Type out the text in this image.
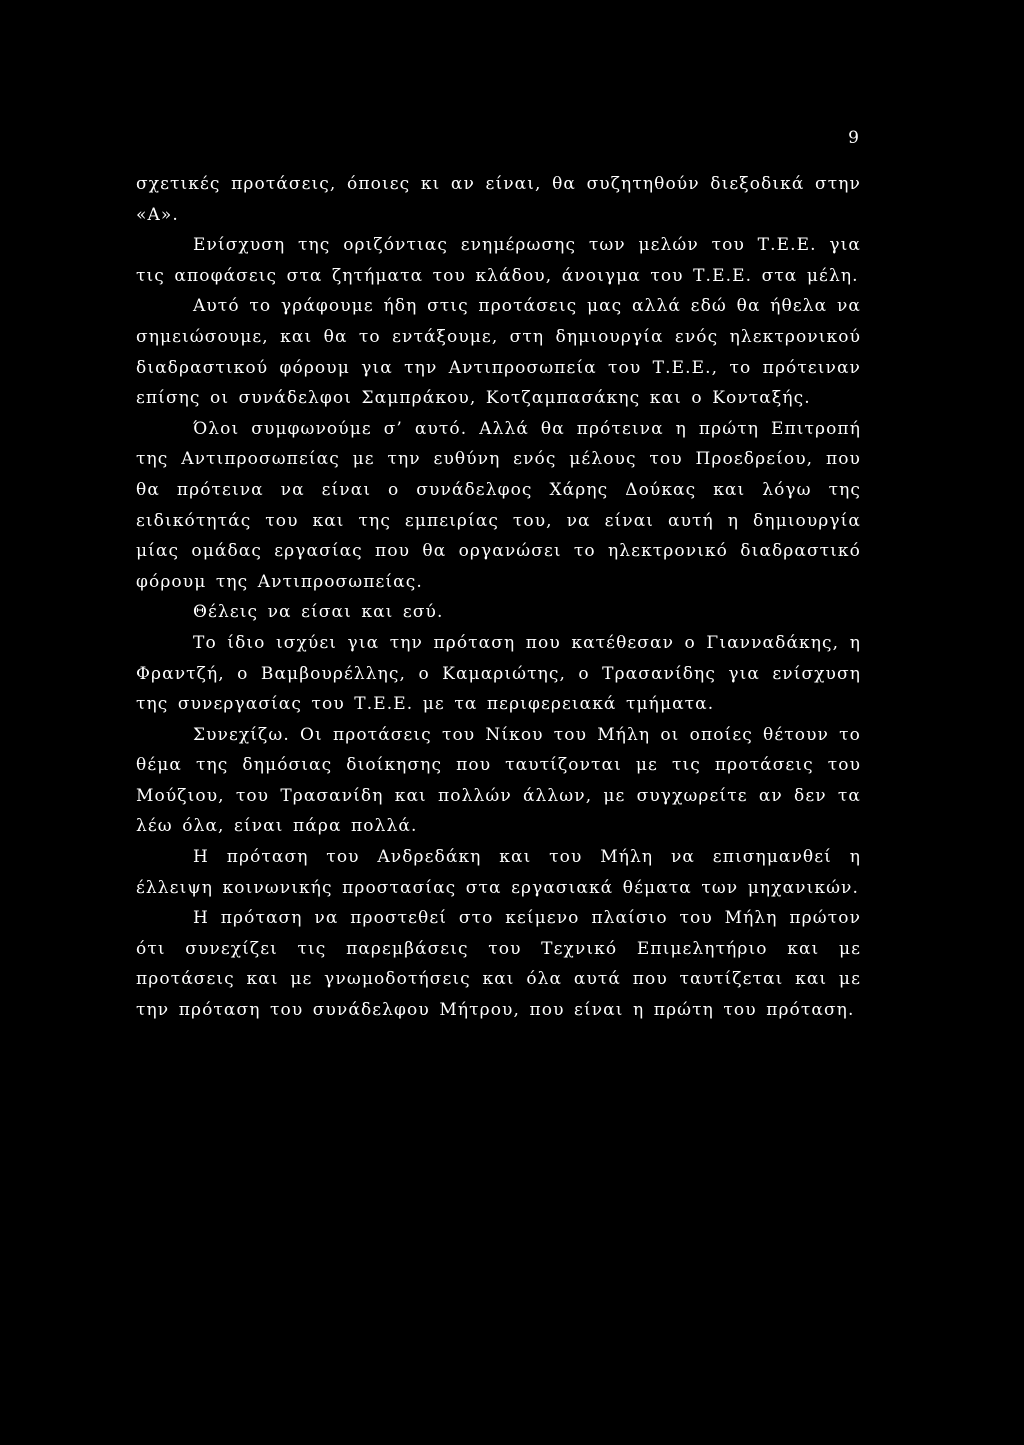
9

σχετικές προτάσεις, όποιες κι αν είναι, θα συζητηθούν διεξοδικά στην «Α».

Ενίσχυση της οριζόντιας ενημέρωσης των μελών του Τ.Ε.Ε. για τις αποφάσεις στα ζητήματα του κλάδου, άνοιγμα του Τ.Ε.Ε. στα μέλη.

Αυτό το γράφουμε ήδη στις προτάσεις μας αλλά εδώ θα ήθελα να σημειώσουμε, και θα το εντάξουμε, στη δημιουργία ενός ηλεκτρονικού διαδραστικού φόρουμ για την Αντιπροσωπεία του Τ.Ε.Ε., το πρότειναν επίσης οι συνάδελφοι Σαμπράκου, Κοτζαμπασάκης και ο Κονταξής.

Όλοι συμφωνούμε σ’ αυτό. Αλλά θα πρότεινα η πρώτη Επιτροπή της Αντιπροσωπείας με την ευθύνη ενός μέλους του Προεδρείου, που θα πρότεινα να είναι ο συνάδελφος Χάρης Δούκας και λόγω της ειδικότητάς του και της εμπειρίας του, να είναι αυτή η δημιουργία μίας ομάδας εργασίας που θα οργανώσει το ηλεκτρονικό διαδραστικό φόρουμ της Αντιπροσωπείας.

Θέλεις να είσαι και εσύ.

Το ίδιο ισχύει για την πρόταση που κατέθεσαν ο Γιανναδάκης, η Φραντζή, ο Βαμβουρέλλης, ο Καμαριώτης, ο Τρασανίδης για ενίσχυση της συνεργασίας του Τ.Ε.Ε. με τα περιφερειακά τμήματα.

Συνεχίζω. Οι προτάσεις του Νίκου του Μήλη οι οποίες θέτουν το θέμα της δημόσιας διοίκησης που ταυτίζονται με τις προτάσεις του Μούζιου, του Τρασανίδη και πολλών άλλων, με συγχωρείτε αν δεν τα λέω όλα, είναι πάρα πολλά.

Η πρόταση του Ανδρεδάκη και του Μήλη να επισημανθεί η έλλειψη κοινωνικής προστασίας στα εργασιακά θέματα των μηχανικών.

Η πρόταση να προστεθεί στο κείμενο πλαίσιο του Μήλη πρώτον ότι συνεχίζει τις παρεμβάσεις του Τεχνικό Επιμελητήριο και με προτάσεις και με γνωμοδοτήσεις και όλα αυτά που ταυτίζεται και με την πρόταση του συνάδελφου Μήτρου, που είναι η πρώτη του πρόταση.
